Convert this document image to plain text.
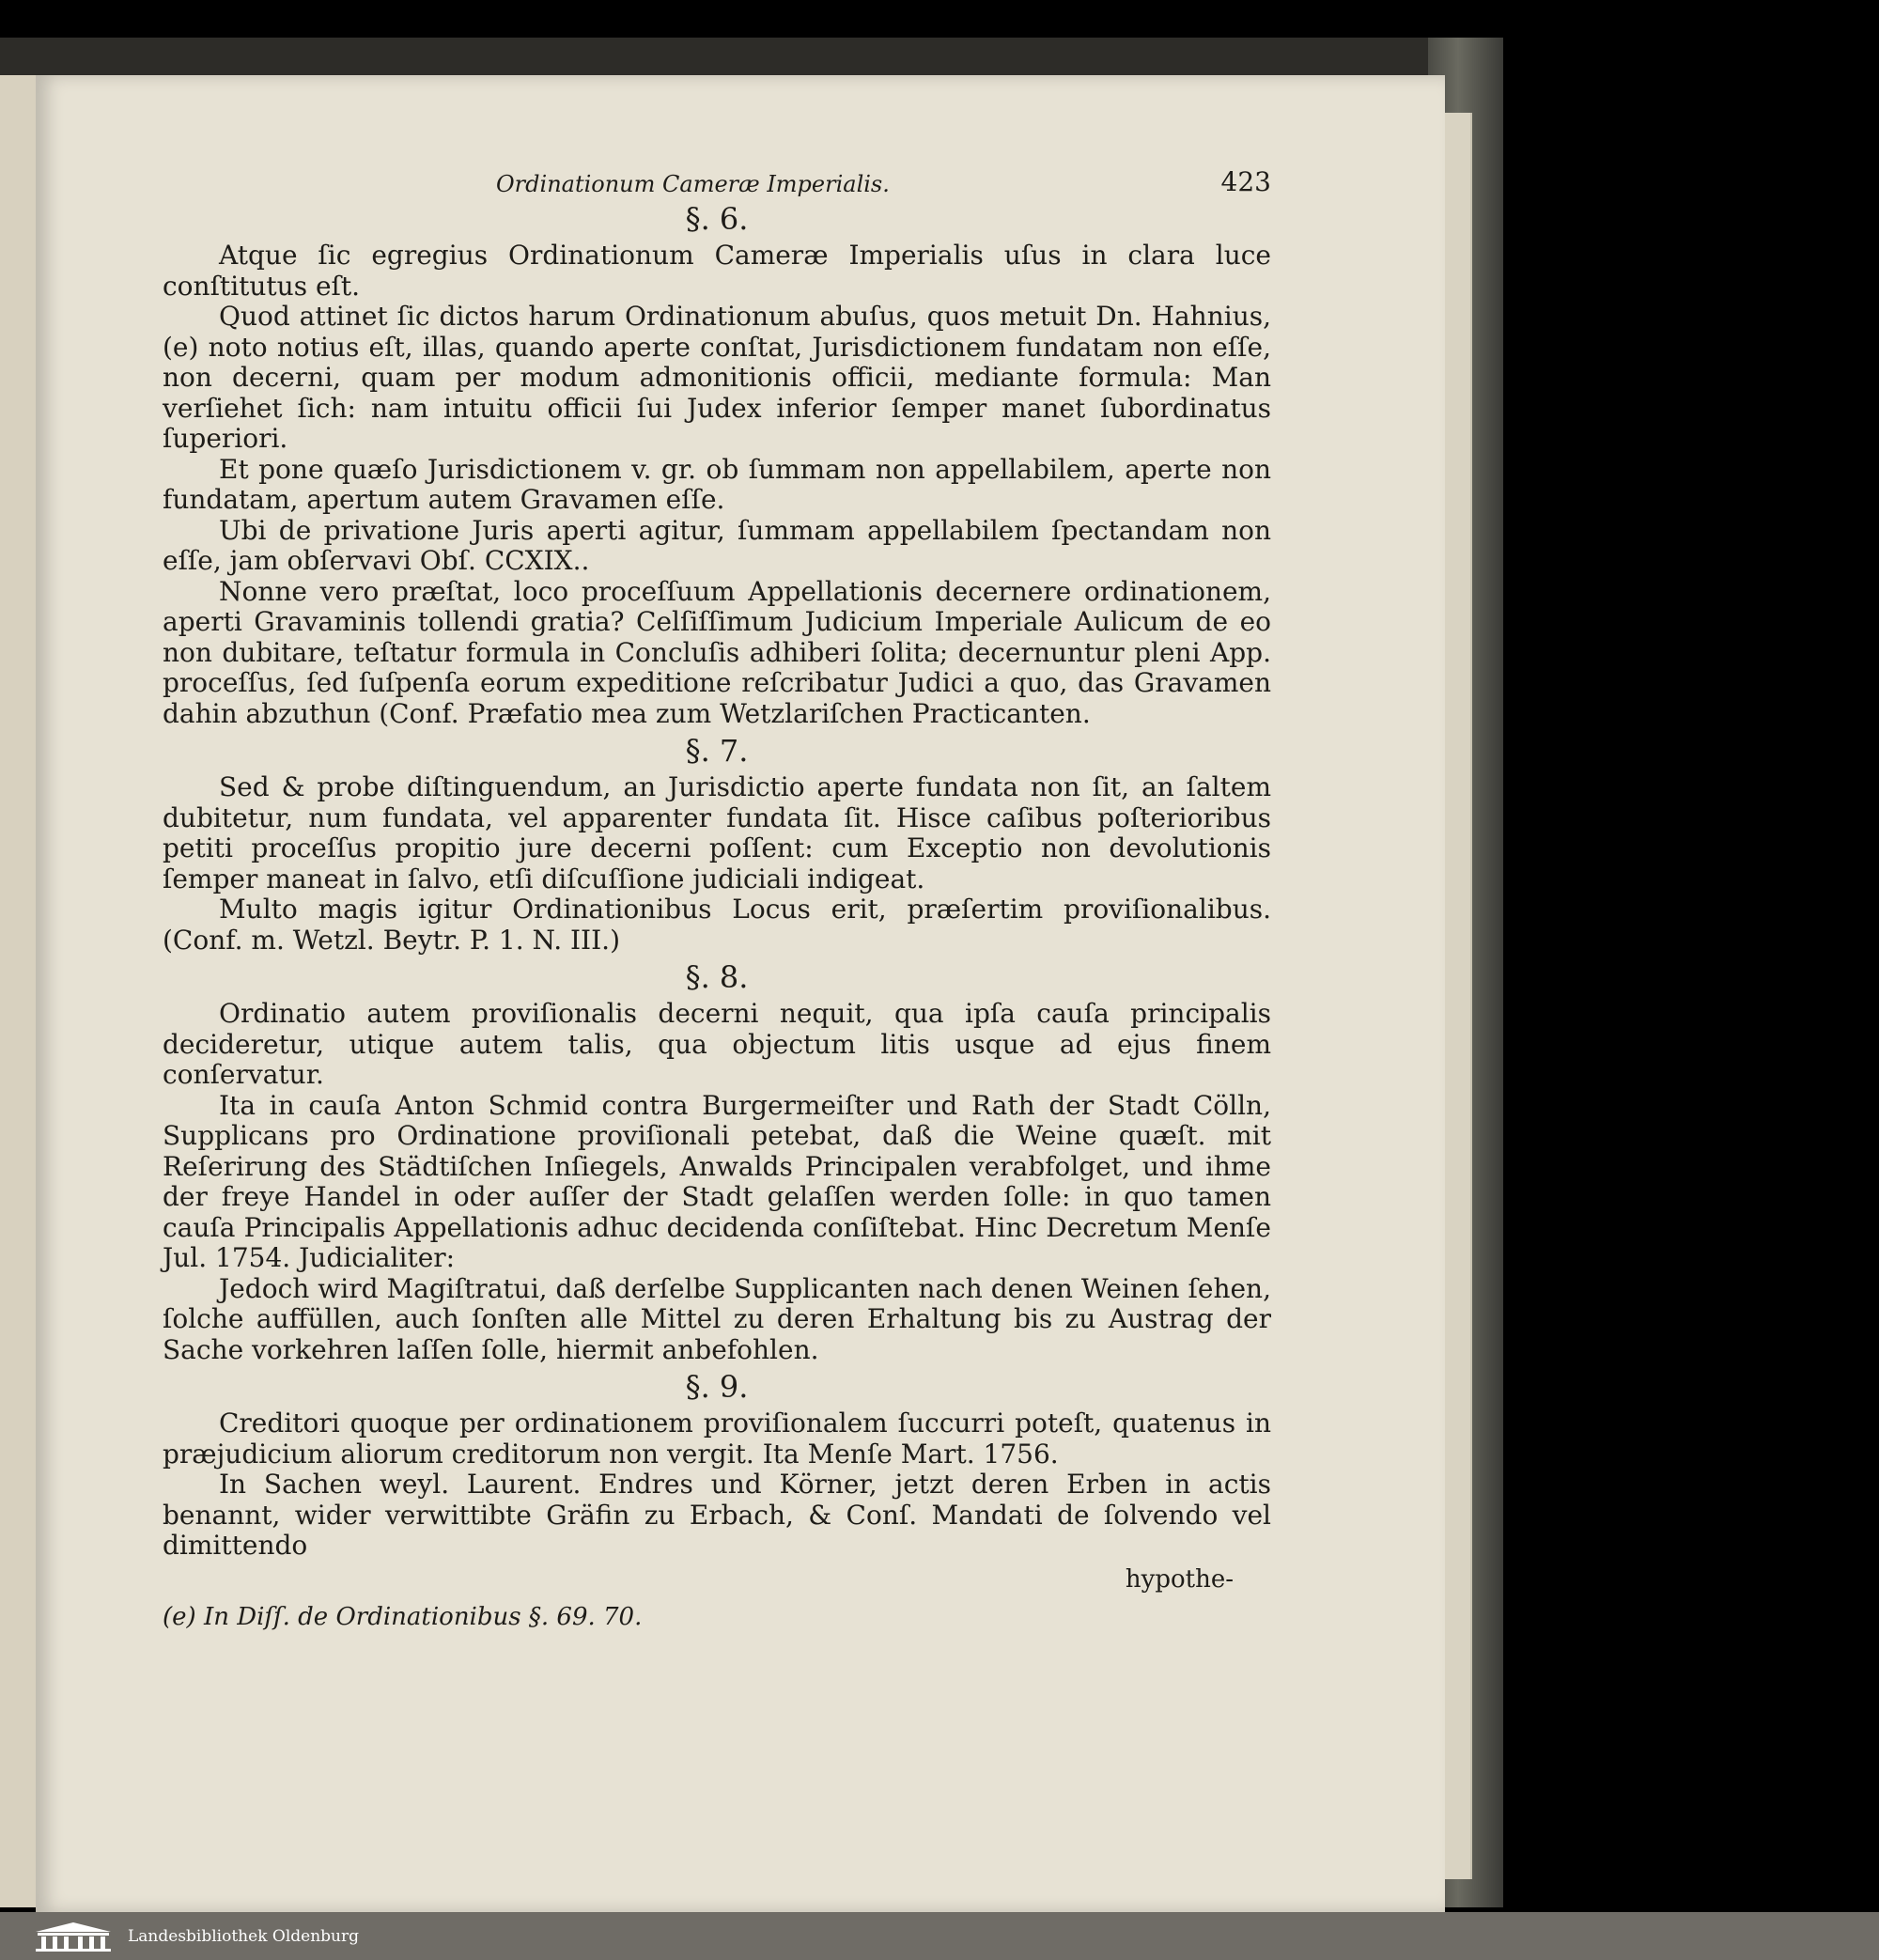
Ordinationum Cameræ Imperialis.	423
§. 6.

Atque ſic egregius Ordinationum Cameræ Imperialis uſus in clara luce conſtitutus eſt.

Quod attinet ſic dictos harum Ordinationum abuſus, quos metuit Dn. Hahnius, (e) noto notius eſt, illas, quando aperte conſtat, Jurisdictionem fundatam non eſſe, non decerni, quam per modum admonitionis officii, mediante formula: Man verſiehet ſich: nam intuitu officii ſui Judex inferior ſemper manet ſubordinatus ſuperiori.

Et pone quæſo Jurisdictionem v. gr. ob ſummam non appellabilem, aperte non fundatam, apertum autem Gravamen eſſe.

Ubi de privatione Juris aperti agitur, ſummam appellabilem ſpectandam non eſſe, jam obſervavi Obſ. CCXIX..

Nonne vero præſtat, loco proceſſuum Appellationis decernere ordinationem, aperti Gravaminis tollendi gratia? Celſiſſimum Judicium Imperiale Aulicum de eo non dubitare, teſtatur formula in Concluſis adhiberi ſolita; decernuntur pleni App. proceſſus, ſed ſuſpenſa eorum expeditione reſcribatur Judici a quo, das Gravamen dahin abzuthun (Conf. Præfatio mea zum Wetzlariſchen Practicanten.

§. 7.

Sed & probe diſtinguendum, an Jurisdictio aperte fundata non ſit, an ſaltem dubitetur, num fundata, vel apparenter fundata ſit. Hisce caſibus poſterioribus petiti proceſſus propitio jure decerni poſſent: cum Exceptio non devolutionis ſemper maneat in ſalvo, etſi diſcuſſione judiciali indigeat.

Multo magis igitur Ordinationibus Locus erit, præſertim proviſionalibus. (Conf. m. Wetzl. Beytr. P. 1. N. III.)

§. 8.

Ordinatio autem proviſionalis decerni nequit, qua ipſa cauſa principalis decideretur, utique autem talis, qua objectum litis usque ad ejus finem conſervatur.

Ita in cauſa Anton Schmid contra Burgermeiſter und Rath der Stadt Cölln, Supplicans pro Ordinatione proviſionali petebat, daß die Weine quæſt. mit Reſerirung des Städtiſchen Inſiegels, Anwalds Principalen verabfolget, und ihme der freye Handel in oder auſſer der Stadt gelaſſen werden ſolle: in quo tamen cauſa Principalis Appellationis adhuc decidenda conſiſtebat. Hinc Decretum Menſe Jul. 1754. Judicialiter:

Jedoch wird Magiſtratui, daß derſelbe Supplicanten nach denen Weinen ſehen, ſolche auffüllen, auch ſonſten alle Mittel zu deren Erhaltung bis zu Austrag der Sache vorkehren laſſen ſolle, hiermit anbefohlen.

§. 9.

Creditori quoque per ordinationem proviſionalem ſuccurri poteſt, quatenus in præjudicium aliorum creditorum non vergit. Ita Menſe Mart. 1756.

In Sachen weyl. Laurent. Endres und Körner, jetzt deren Erben in actis benannt, wider verwittibte Gräfin zu Erbach, & Conſ. Mandati de ſolvendo vel dimittendo

hypothe-
(e) In Diſſ. de Ordinationibus §. 69. 70.
Landesbibliothek Oldenburg
